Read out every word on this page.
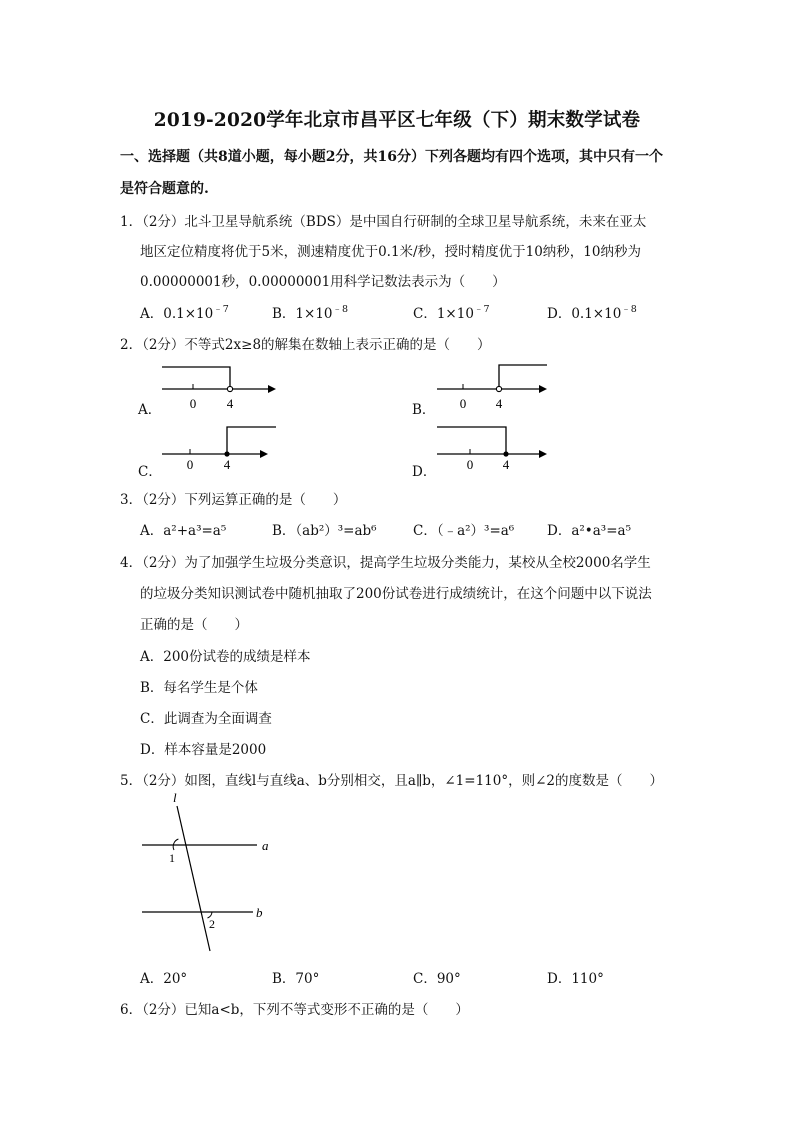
2019-2020学年北京市昌平区七年级（下）期末数学试卷
一、选择题（共8道小题，每小题2分，共16分）下列各题均有四个选项，其中只有一个
是符合题意的.
1．（2分）北斗卫星导航系统（BDS）是中国自行研制的全球卫星导航系统，未来在亚太
地区定位精度将优于5米，测速精度优于0.1米/秒，授时精度优于10纳秒，10纳秒为
0.00000001秒，0.00000001用科学记数法表示为（　　）
A．$0.1\times 10^{﹣7}$	B．$1\times 10^{﹣8}$	C．$1\times 10^{﹣7}$	D．$0.1\times 10^{﹣8}$
2．（2分）不等式2x≥8的解集在数轴上表示正确的是（　　）
A． 0 4	B． 0 4
C． 0 4	D． 0 4
3．（2分）下列运算正确的是（　　）
A．a²+a³=a⁵	B．（ab²）³=ab⁶	C．（﹣a²）³=a⁶ D．a²•a³=a⁵
4．（2分）为了加强学生垃圾分类意识，提高学生垃圾分类能力，某校从全校2000名学生
的垃圾分类知识测试卷中随机抽取了200份试卷进行成绩统计，在这个问题中以下说法
正确的是（　　）
A．200份试卷的成绩是样本
B．每名学生是个体
C．此调查为全面调查
D．样本容量是2000
5．（2分）如图，直线l与直线a、b分别相交，且a∥b，∠1=110°，则∠2的度数是（　　）
l
a
b
1
2
A．20°	B．70°	C．90°	D．110°
6．（2分）已知a<b，下列不等式变形不正确的是（　　）
